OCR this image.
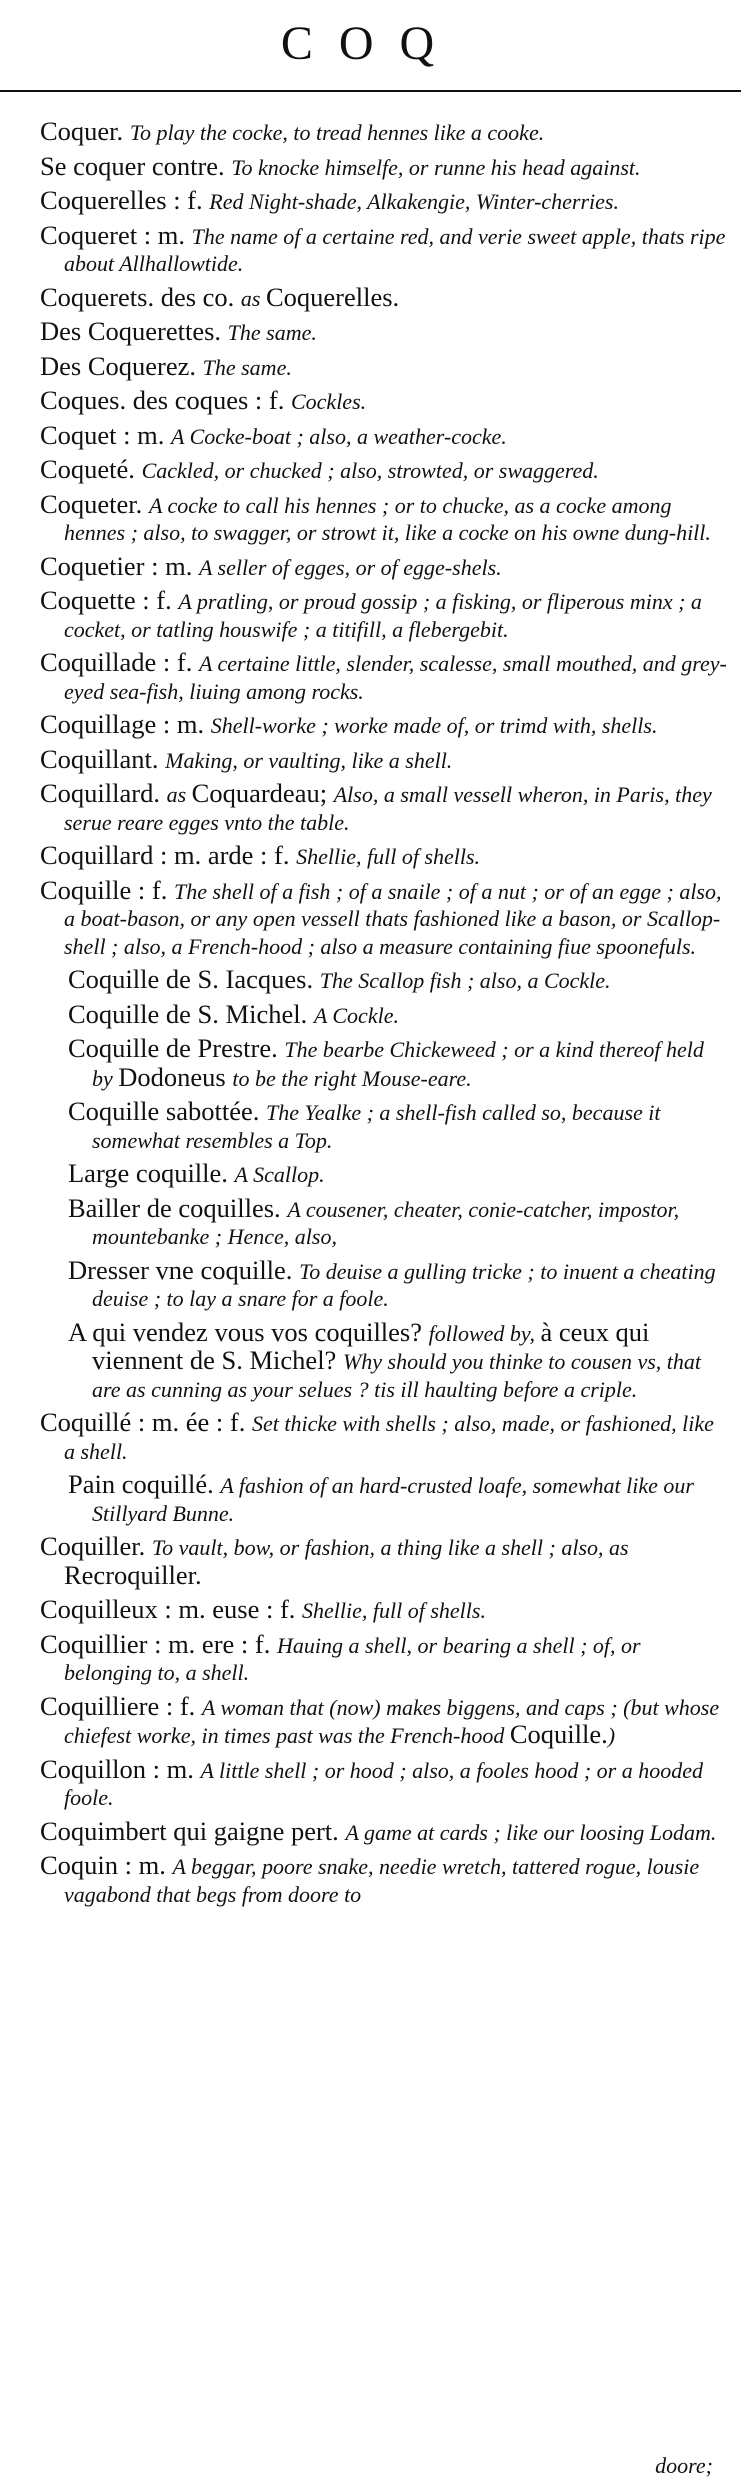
COQ

Coquer. To play the cocke, to tread hennes like a cooke.

Se coquer contre. To knocke himselfe, or runne his head against.

Coquerelles : f. Red Night-shade, Alkakengie, Winter-cherries.

Coqueret : m. The name of a certaine red, and verie sweet apple, thats ripe about Allhallowtide.

Coquerets. des co. as Coquerelles.

Des Coquerettes. The same.

Des Coquerez. The same.

Coques. des coques : f. Cockles.

Coquet : m. A Cocke-boat ; also, a weather-cocke.

Coqueté. Cackled, or chucked ; also, strowted, or swaggered.

Coqueter. A cocke to call his hennes ; or to chucke, as a cocke among hennes ; also, to swagger, or strowt it, like a cocke on his owne dung-hill.

Coquetier : m. A seller of egges, or of egge-shels.

Coquette : f. A pratling, or proud gossip ; a fisking, or fliperous minx ; a cocket, or tatling houswife ; a titifill, a flebergebit.

Coquillade : f. A certaine little, slender, scalesse, small mouthed, and grey-eyed sea-fish, liuing among rocks.

Coquillage : m. Shell-worke ; worke made of, or trimd with, shells.

Coquillant. Making, or vaulting, like a shell.

Coquillard. as Coquardeau; Also, a small vessell wheron, in Paris, they serue reare egges vnto the table.

Coquillard : m. arde : f. Shellie, full of shells.

Coquille : f. The shell of a fish ; of a snaile ; of a nut ; or of an egge ; also, a boat-bason, or any open vessell thats fashioned like a bason, or Scallop-shell ; also, a French-hood ; also a measure containing fiue spoonefuls.

Coquille de S. Iacques. The Scallop fish ; also, a Cockle.

Coquille de S. Michel. A Cockle.

Coquille de Prestre. The bearbe Chickeweed ; or a kind thereof held by Dodoneus to be the right Mouse-eare.

Coquille sabottée. The Yealke ; a shell-fish called so, because it somewhat resembles a Top.

Large coquille. A Scallop.

Bailler de coquilles. A cousener, cheater, conie-catcher, impostor, mountebanke ; Hence, also,

Dresser vne coquille. To deuise a gulling tricke ; to inuent a cheating deuise ; to lay a snare for a foole.

A qui vendez vous vos coquilles? followed by, à ceux qui viennent de S. Michel? Why should you thinke to cousen vs, that are as cunning as your selues ? tis ill haulting before a criple.

Coquillé : m. ée : f. Set thicke with shells ; also, made, or fashioned, like a shell.

Pain coquillé. A fashion of an hard-crusted loafe, somewhat like our Stillyard Bunne.

Coquiller. To vault, bow, or fashion, a thing like a shell ; also, as Recroquiller.

Coquilleux : m. euse : f. Shellie, full of shells.

Coquillier : m. ere : f. Hauing a shell, or bearing a shell ; of, or belonging to, a shell.

Coquilliere : f. A woman that (now) makes biggens, and caps ; (but whose chiefest worke, in times past was the French-hood Coquille.)

Coquillon : m. A little shell ; or hood ; also, a fooles hood ; or a hooded foole.

Coquimbert qui gaigne pert. A game at cards ; like our loosing Lodam.

Coquin : m. A beggar, poore snake, needie wretch, tattered rogue, lousie vagabond that begs from doore to

doore;
